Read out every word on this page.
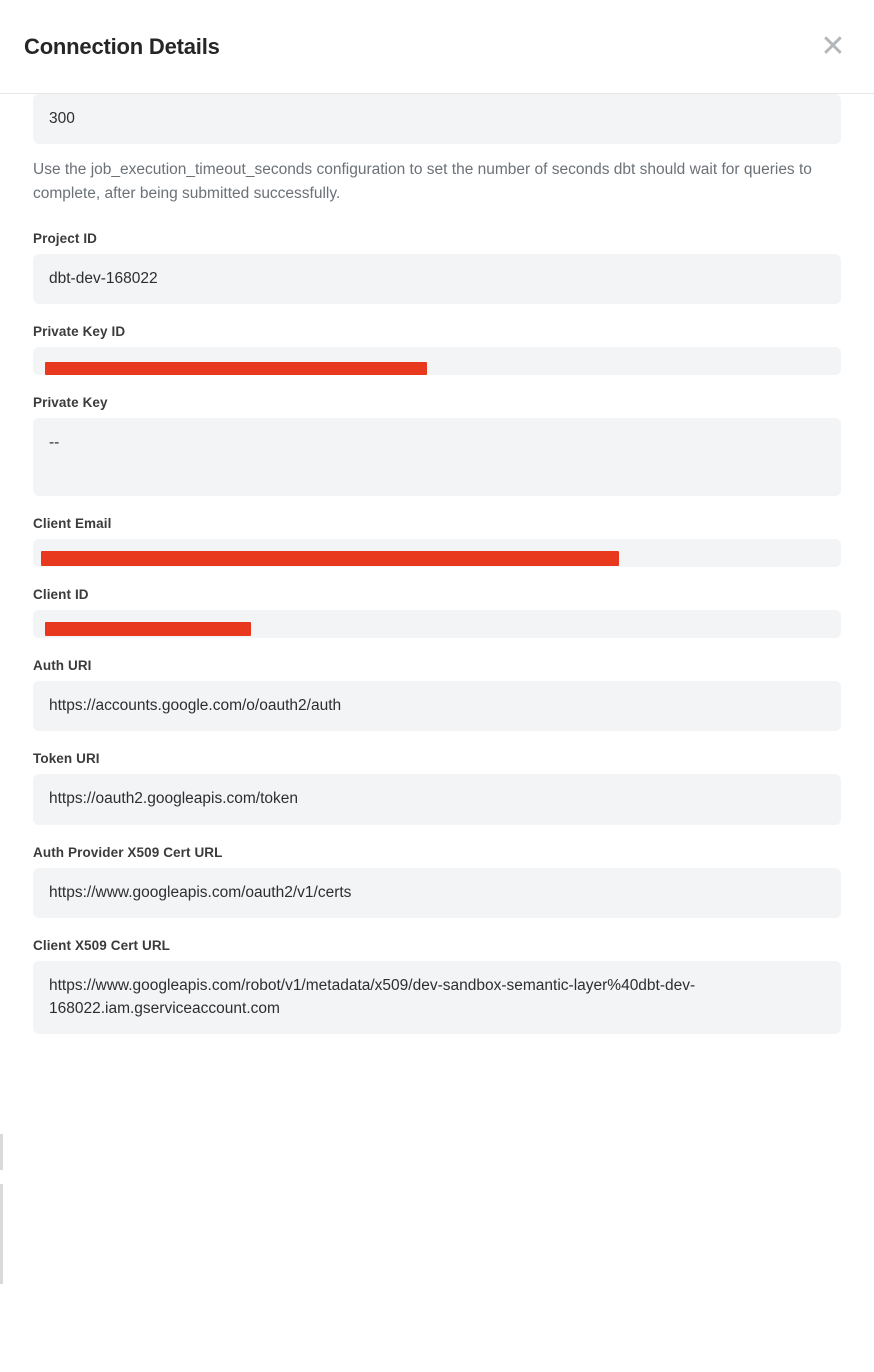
Connection Details	✕
300
Use the job_execution_timeout_seconds configuration to set the number of seconds dbt should wait for queries to complete, after being submitted successfully.
Project ID
dbt-dev-168022
Private Key ID
Private Key
--
Client Email
Client ID
Auth URI
https://accounts.google.com/o/oauth2/auth
Token URI
https://oauth2.googleapis.com/token
Auth Provider X509 Cert URL
https://www.googleapis.com/oauth2/v1/certs
Client X509 Cert URL
https://www.googleapis.com/robot/v1/metadata/x509/dev-sandbox-semantic-layer%40dbt-dev-168022.iam.gserviceaccount.com
